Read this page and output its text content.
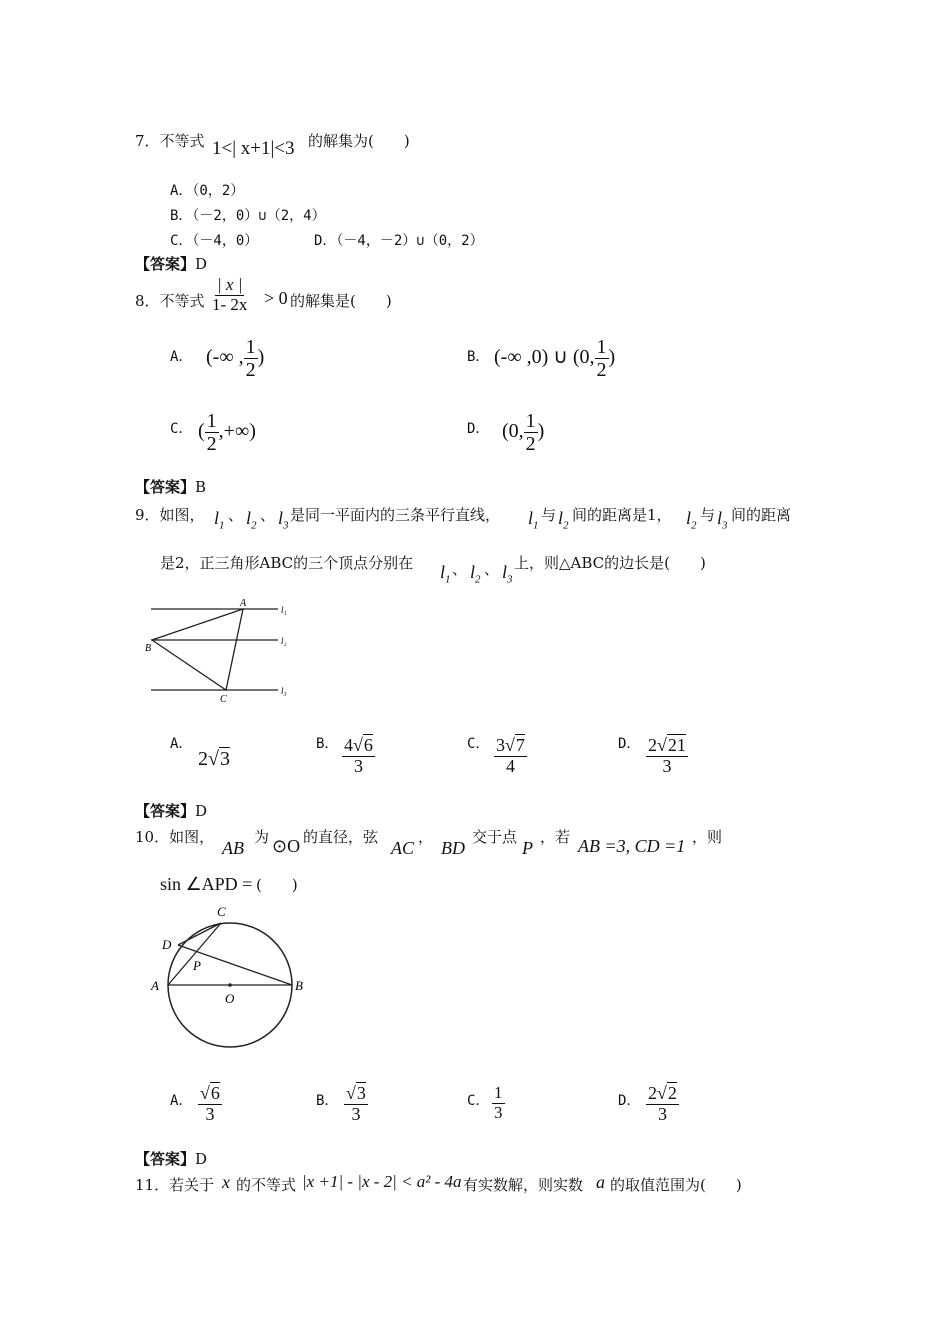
7．不等式 1<| x+1|<3 的解集为(　　)
A．（0，2）
B．（－2，0）∪（2，4）
C．（－4，0）	D．（－4，－2）∪（0，2）
【答案】D
8．不等式 $\frac{| x |}{1- 2x} > 0$ 的解集是(　　)
A． (-∞ , $\frac{1}{2}$ )	B． (-∞ ,0) ∪ (0, $\frac{1}{2}$ )
C． ( $\frac{1}{2}$ ,+∞)	D． (0, $\frac{1}{2}$ )
【答案】B
9．如图， $l_1$
、 $l_2$
、 $l_3$
是同一平面内的三条平行直线， $l_1$
与 $l_2$
间的距离是1， $l_2$
与 $l_3$
间的距离
是2，正三角形ABC的三个顶点分别在 $l_1$
、 $l_2$
、 $l_3$
上，则△ABC的边长是(　　)
A
B
C
l₁
l₂
l₃
A．
2√3
B． $\frac{4√6}{3}$	C． $\frac{3√7}{4}$	D． $\frac{2√21}{3}$
【答案】D
10．如图，
AB
为 ⊙O 的直径，弦
AC
，
BD
交于点
P
，若 AB =3, CD =1 ，则
sin ∠APD = (　　)
C
D
P
A	B
O
A． $\frac{√6}{3}$	B． $\frac{√3}{3}$	C． $\frac{1}{3}$	D． $\frac{2√2}{3}$
【答案】D
11．若关于 x 的不等式 |x +1| - |x - 2| < a² - 4a 有实数解，则实数 a 的取值范围为(　　)
